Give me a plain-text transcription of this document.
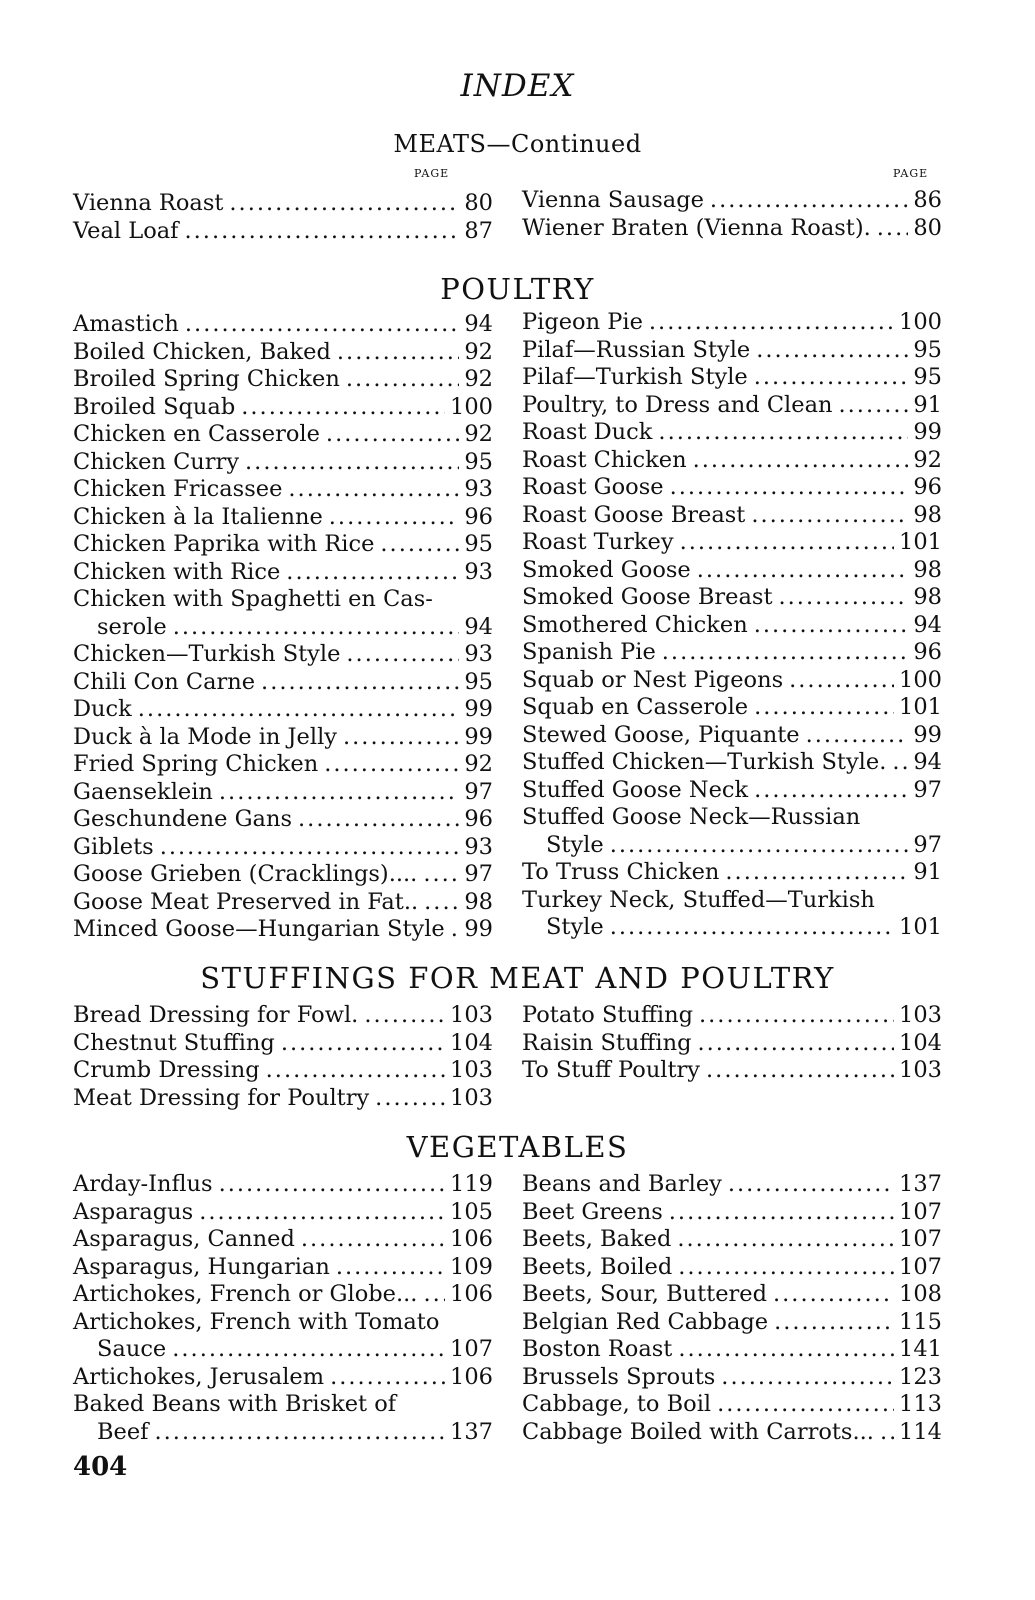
INDEX
MEATS—Continued
PAGE	PAGE
Vienna Roast .....	80
Veal Loaf .....	87
Vienna Sausage .....	86
Wiener Braten (Vienna Roast). ..... 80
POULTRY
Amastich .....	94
Boiled Chicken, Baked .....	92
Broiled Spring Chicken .....	92
Broiled Squab .....	100
Chicken en Casserole .....	92
Chicken Curry .....	95
Chicken Fricassee .....	93
Chicken à la Italienne .....	96
Chicken Paprika with Rice .....	95
Chicken with Rice .....	93
Chicken with Spaghetti en Cas-
serole .....	94
Chicken—Turkish Style .....	93
Chili Con Carne .....	95
Duck .....	99
Duck à la Mode in Jelly .....	99
Fried Spring Chicken .....	92
Gaenseklein .....	97
Geschundene Gans .....	96
Giblets .....	93
Goose Grieben (Cracklings).... ..... 97
Goose Meat Preserved in Fat.. ..... 98
Minced Goose—Hungarian Style ..... 99
Pigeon Pie .....	100
Pilaf—Russian Style .....	95
Pilaf—Turkish Style .....	95
Poultry, to Dress and Clean .....	91
Roast Duck .....	99
Roast Chicken .....	92
Roast Goose .....	96
Roast Goose Breast .....	98
Roast Turkey .....	101
Smoked Goose .....	98
Smoked Goose Breast .....	98
Smothered Chicken .....	94
Spanish Pie .....	96
Squab or Nest Pigeons .....	100
Squab en Casserole .....	101
Stewed Goose, Piquante .....	99
Stuffed Chicken—Turkish Style. ..... 94
Stuffed Goose Neck .....	97
Stuffed Goose Neck—Russian
Style .....	97
To Truss Chicken .....	91
Turkey Neck, Stuffed—Turkish
Style .....	101
STUFFINGS FOR MEAT AND POULTRY
Bread Dressing for Fowl. .....	103
Chestnut Stuffing .....	104
Crumb Dressing .....	103
Meat Dressing for Poultry .....	103
Potato Stuffing .....	103
Raisin Stuffing .....	104
To Stuff Poultry .....	103
VEGETABLES
Arday-Influs .....	119
Asparagus .....	105
Asparagus, Canned .....	106
Asparagus, Hungarian .....	109
Artichokes, French or Globe... ..... 106
Artichokes, French with Tomato
Sauce .....	107
Artichokes, Jerusalem .....	106
Baked Beans with Brisket of
Beef .....	137
Beans and Barley .....	137
Beet Greens .....	107
Beets, Baked .....	107
Beets, Boiled .....	107
Beets, Sour, Buttered .....	108
Belgian Red Cabbage .....	115
Boston Roast .....	141
Brussels Sprouts .....	123
Cabbage, to Boil .....	113
Cabbage Boiled with Carrots... ..... 114
404
